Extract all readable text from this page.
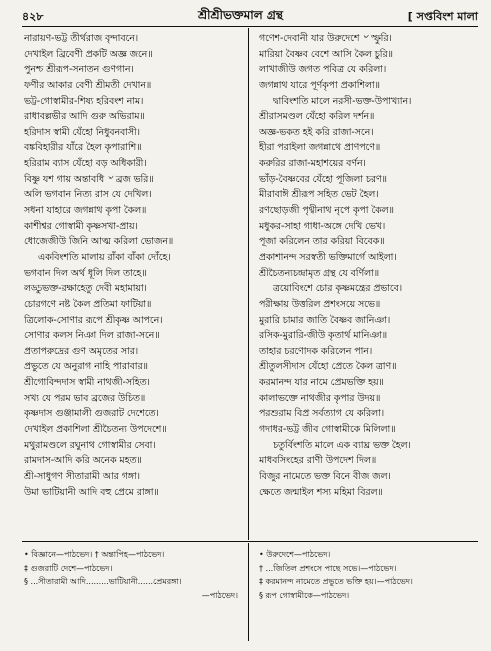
৪২৮	শ্রীশ্রীভক্তমাল গ্রন্থ	[ সপ্তবিংশ মালা
নারায়ণ-ভট্ট তীর্থরাজ বৃন্দাবনে।
দেখাইল ব্রিবেণী প্রকটি অজ্ঞ জনে॥
পুনশ্চ শ্রীরূপ-সনাতন গুণগান।
ফণীর আকার বেণী শ্রীমতী দেখান॥
ভট্ট-গোস্বামীর-শিষ্য হরিবংশ নাম।
রাধাবল্লভীর আদি গুরু অভিরাম॥
হরিদাস স্বামী যেঁহো নিধুবনবাসী।
বঙ্কবিহারীর যাঁরে হৈল কৃপারাশি॥
হরিরাম ব্যাস যেঁহো বড় অধিকারী।
বিষ্ণু যশ গায় অন্তাবধি ৺ ব্রজ ভরি॥
অলি ভগবান নিত্য রাস যে দেখিল।
সধনা যাহারে জগন্নাথ কৃপা কৈল॥
কাশীশ্বর গোস্বামী কৃষ্ণসখা-প্রায়।
ধোজেজীউ জিনি আত্ম করিলা ভোজন॥
একবিংশতি মালায় রাঁকা বাঁকা দোঁহে।
ভগবান দিল অর্থ ধূলি দিল তাহে॥
লড্ডুভক্ত-রক্ষাহেতু দেবী মহামায়া।
চোরগণে নষ্ট কৈল প্রতিমা ফাটিয়া॥
ত্রিলোক-সোণার রূপে শ্রীকৃষ্ণ আপনে।
সোণার কলস নিঞা দিল রাজা-সনে॥
প্রতাপরুদ্রের গুণ অমৃতের সার।
প্রভুতে যে অনুরাগ নাহি পারাবার॥
শ্রীগোবিন্দদাস স্বামী নাথজী-সহিত।
সখ্য যে পরম ভাব ব্রজের উচিত॥
কৃষ্ণদাস গুঞ্জামালী গুজরাট দেশেতে।
দেখাইল প্রকাশিলা শ্রীচৈতন্য উপদেশে॥
মথুরামণ্ডলে রঘুনাথ গোস্বামীর সেবা।
রামদাস-আদি করি অনেক মহত॥
শ্রী-সাধুগণ সীতারামী আর গঙ্গা।
উমা ভাটিয়ানী আদি বহু প্রেমে রাঙ্গা॥
গণেশ-দেবানী যার উরুদেশে ৺ স্ফুরি।
মারিয়া বৈষ্ণব বেশে আসি কৈল চুরি॥
লাখাজীউ জগত পবিত্র যে করিলা।
জগন্নাথ যারে পূর্ণকৃপা প্রকাশিলা॥
দ্বাবিংশতি মালে নরসী-ভক্ত-উপাখ্যান।
শ্রীরাসমণ্ডল যেঁহো করিল দর্শন॥
অজ্ঞ-ভকত হই করি রাজা-সনে।
হীরা পরাইলা জগন্নাথে প্রাণপণে॥
করুরির রাজা-মহাশয়ের বর্ণন।
ভাঁড়-বৈষ্ণবের যেঁহো পূজিলা চরণ॥
মীরাবাঈ শ্রীরূপ সহিত ভেট হৈল।
রণছোড়জী পৃথ্বীনাথ নৃপে কৃপা কৈল॥
মধুকর-সাহা গাধা-অঙ্গে দেখি ভেখ।
পূজা করিলেন তার করিয়া বিবেক॥
প্রকাশানন্দ সরস্বতী ভক্তিমার্গে আইলা।
শ্রীচৈতন্যচন্দ্রামৃত গ্রন্থ যে বর্ণিলা॥
ত্রয়োবিংশে চোর কৃষ্ণমন্ত্রের প্রভাবে।
পরীক্ষায় উত্তরিল প্রশংসয়ে সভে॥
মুরারি চামার জাতি বৈষ্ণব জানিঞা।
রসিক-মুরারি-জীউ কৃতার্থ মানিঞা॥
তাহার চরণোদক করিলেন পান।
শ্রীতুলসীদাস যেঁহো প্রেতে কৈল ত্রাণ॥
করমানন্দ যার নামে প্রেমভক্তি হয়॥
কালাভক্তে নাথজীর কৃপার উদয়॥
পরশুরাম বিপ্র সর্বত্যাগ যে করিলা।
গদাধর-ভট্ট জীব গোস্বামীকে মিলিলা॥
চতুর্বিংশতি মালে এক ব্যাঘ্র ভক্ত হৈল।
মাধবসিংহের রাণী উপদেশ দিল॥
বিজুর নামেতে ভক্ত বিনে বীজ জল।
ক্ষেতে জন্মাইল শস্য মহিমা বিরল॥
• বিজ্ঞানে—পাঠভেদ। † অন্তাপিহ—পাঠভেদ।
‡ গুজরাটি দেশে—পাঠভেদ।
§ ...সীতারামী আদি.........ভাটিয়ানী......প্রেমরঙ্গা।
—পাঠভেদ।
• উরুদেশে—পাঠভেদ।
† ...জিতিল প্রশংসে পাছে সভে।—পাঠভেদ।
‡ করমানন্দ নামেতে প্রভুতে ভক্তি হয়।—পাঠভেদ।
§ রূপ গোস্বামীকে—পাঠভেদ।
